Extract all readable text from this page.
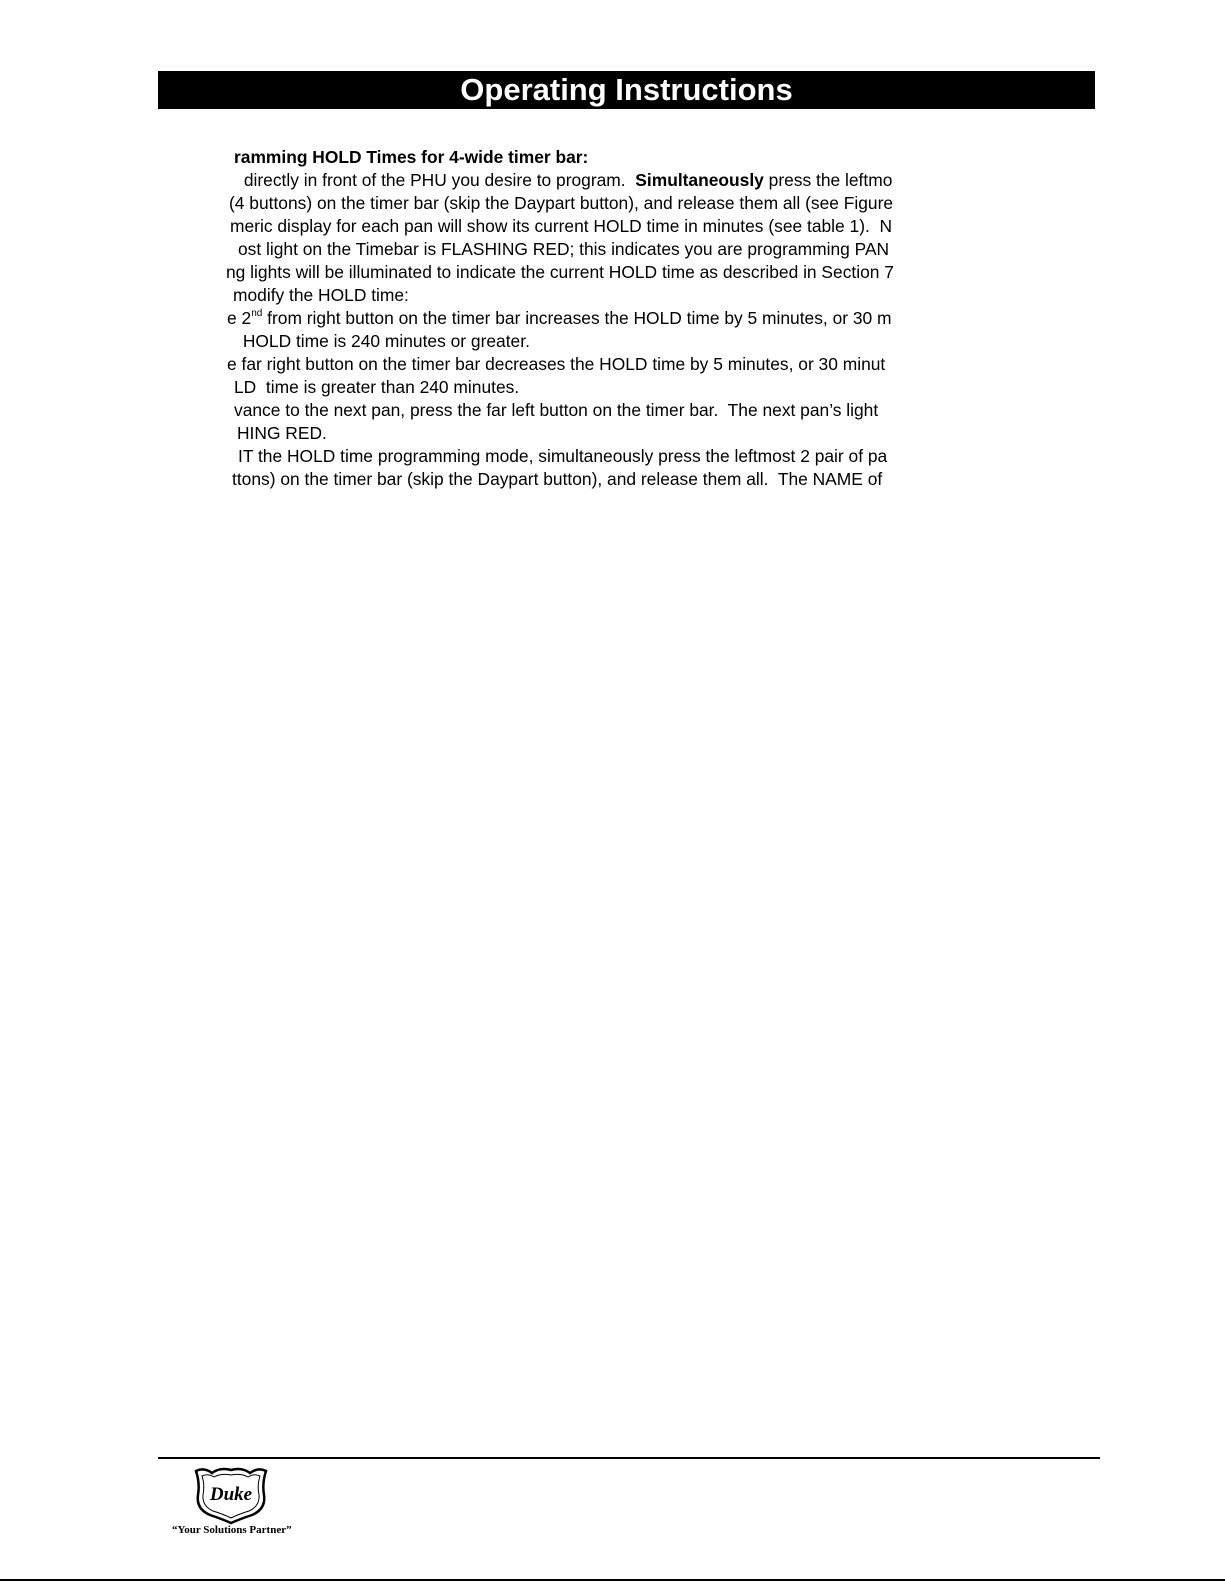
Operating Instructions
ramming HOLD Times for 4-wide timer bar:
directly in front of the PHU you desire to program.  Simultaneously press the leftmo
(4 buttons) on the timer bar (skip the Daypart button), and release them all (see Figure
meric display for each pan will show its current HOLD time in minutes (see table 1).  N
ost light on the Timebar is FLASHING RED; this indicates you are programming PAN
ng lights will be illuminated to indicate the current HOLD time as described in Section 7
modify the HOLD time:
e 2nd from right button on the timer bar increases the HOLD time by 5 minutes, or 30 m
HOLD time is 240 minutes or greater.
e far right button on the timer bar decreases the HOLD time by 5 minutes, or 30 minut
LD  time is greater than 240 minutes.
vance to the next pan, press the far left button on the timer bar.  The next pan’s light
HING RED.
IT the HOLD time programming mode, simultaneously press the leftmost 2 pair of pa
ttons) on the timer bar (skip the Daypart button), and release them all.  The NAME of
Duke
“Your Solutions Partner”
